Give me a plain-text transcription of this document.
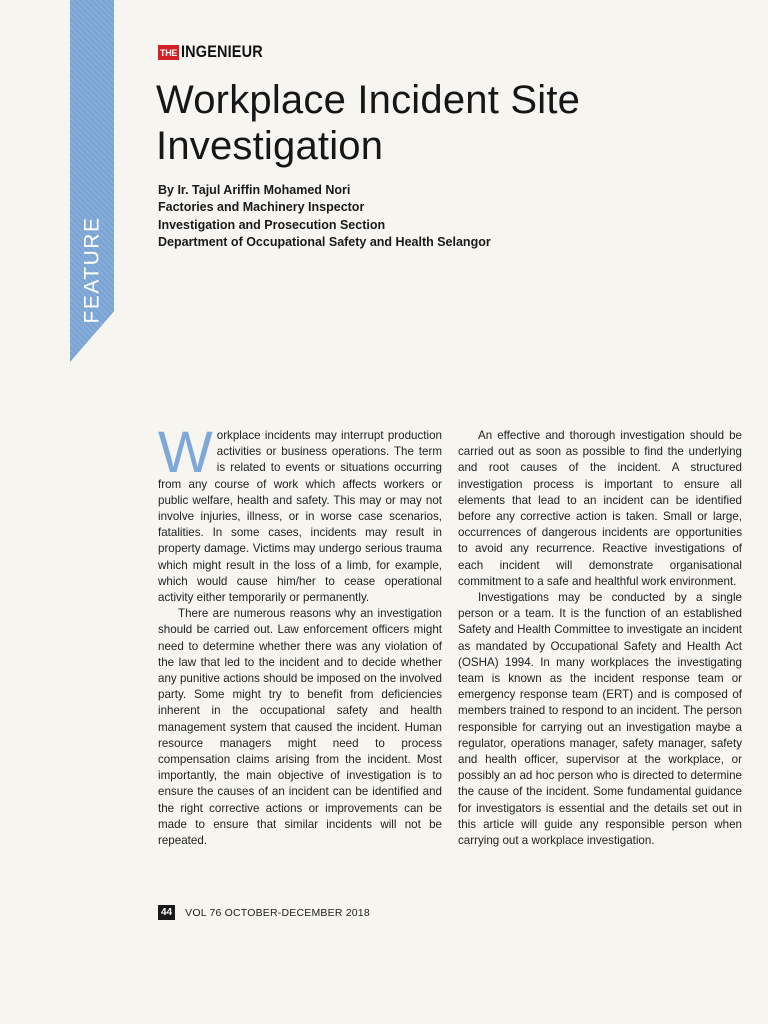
FEATURE
THE INGENIEUR
Workplace Incident Site Investigation
By Ir. Tajul Ariffin Mohamed Nori
Factories and Machinery Inspector
Investigation and Prosecution Section
Department of Occupational Safety and Health Selangor

Workplace incidents may interrupt production activities or business operations. The term is related to events or situations occurring from any course of work which affects workers or public welfare, health and safety. This may or may not involve injuries, illness, or in worse case scenarios, fatalities. In some cases, incidents may result in property damage. Victims may undergo serious trauma which might result in the loss of a limb, for example, which would cause him/her to cease operational activity either temporarily or permanently.

There are numerous reasons why an investigation should be carried out. Law enforcement officers might need to determine whether there was any violation of the law that led to the incident and to decide whether any punitive actions should be imposed on the involved party. Some might try to benefit from deficiencies inherent in the occupational safety and health management system that caused the incident. Human resource managers might need to process compensation claims arising from the incident. Most importantly, the main objective of investigation is to ensure the causes of an incident can be identified and the right corrective actions or improvements can be made to ensure that similar incidents will not be repeated.

An effective and thorough investigation should be carried out as soon as possible to find the underlying and root causes of the incident. A structured investigation process is important to ensure all elements that lead to an incident can be identified before any corrective action is taken. Small or large, occurrences of dangerous incidents are opportunities to avoid any recurrence. Reactive investigations of each incident will demonstrate organisational commitment to a safe and healthful work environment.

Investigations may be conducted by a single person or a team. It is the function of an established Safety and Health Committee to investigate an incident as mandated by Occupational Safety and Health Act (OSHA) 1994. In many workplaces the investigating team is known as the incident response team or emergency response team (ERT) and is composed of members trained to respond to an incident. The person responsible for carrying out an investigation maybe a regulator, operations manager, safety manager, safety and health officer, supervisor at the workplace, or possibly an ad hoc person who is directed to determine the cause of the incident. Some fundamental guidance for investigators is essential and the details set out in this article will guide any responsible person when carrying out a workplace investigation.

44 VOL 76 OCTOBER-DECEMBER 2018
